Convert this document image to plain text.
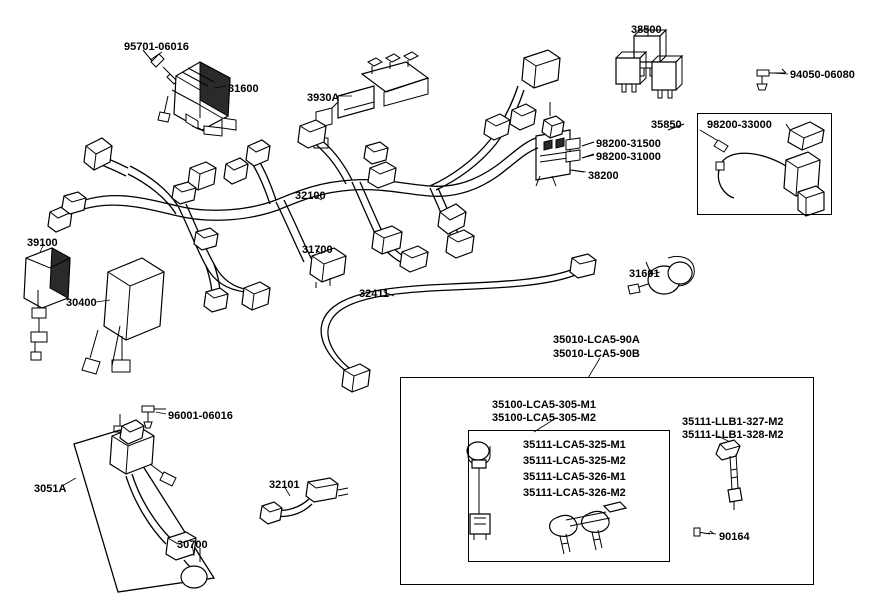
95701-06016
31600
3930A
38500
94050-06080
98200-33000
35850
98200-31500
98200-31000
38200
32100
39100
30400
31700
32411
31601
35010-LCA5-90A
35010-LCA5-90B
35100-LCA5-305-M1
35100-LCA5-305-M2	35111-LLB1-327-M2
35111-LLB1-328-M2
35111-LCA5-325-M1
35111-LCA5-325-M2
35111-LCA5-326-M1
35111-LCA5-326-M2
96001-06016
3051A	32101
30700
90164
